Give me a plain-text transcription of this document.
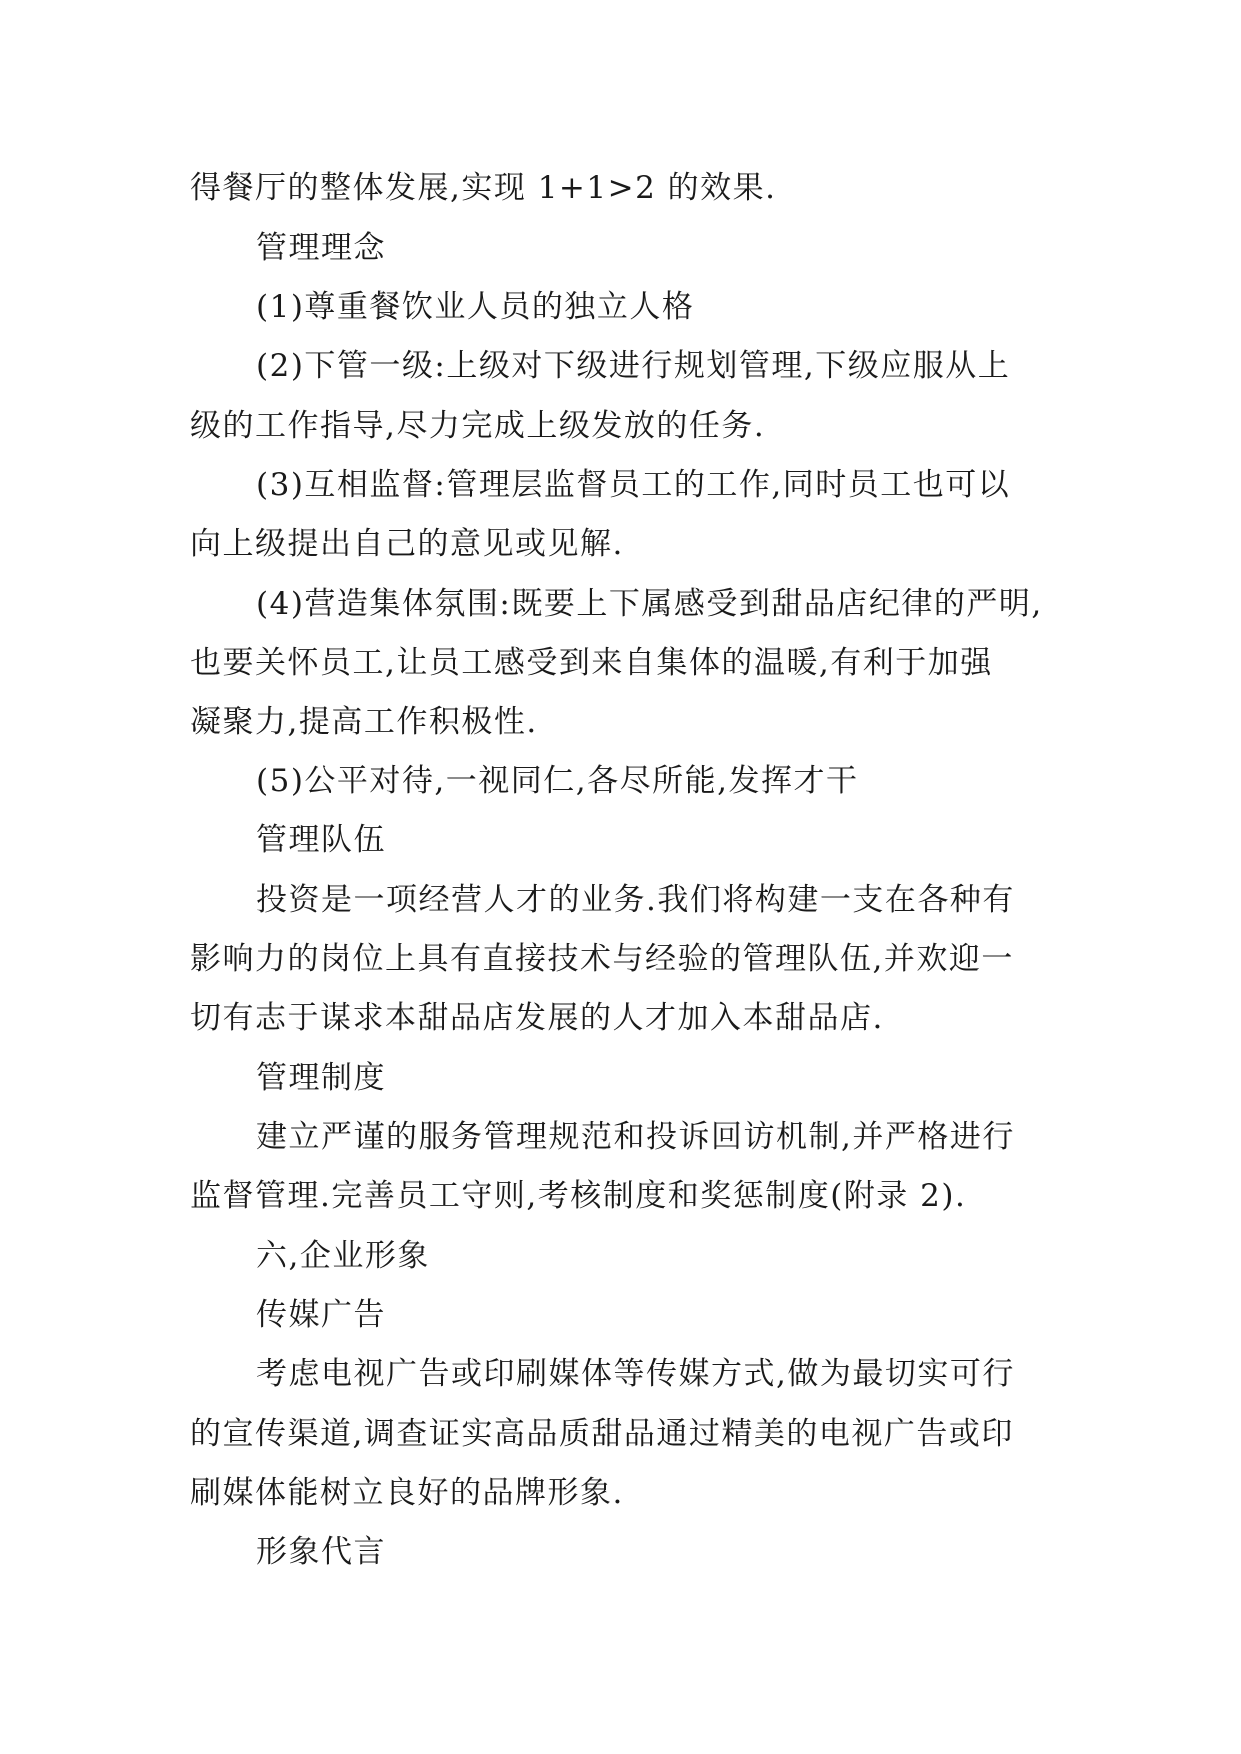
得餐厅的整体发展,实现 1+1>2 的效果.
管理理念
(1)尊重餐饮业人员的独立人格
(2)下管一级:上级对下级进行规划管理,下级应服从上
级的工作指导,尽力完成上级发放的任务.
(3)互相监督:管理层监督员工的工作,同时员工也可以
向上级提出自己的意见或见解.
(4)营造集体氛围:既要上下属感受到甜品店纪律的严明,
也要关怀员工,让员工感受到来自集体的温暖,有利于加强
凝聚力,提高工作积极性.
(5)公平对待,一视同仁,各尽所能,发挥才干
管理队伍
投资是一项经营人才的业务.我们将构建一支在各种有
影响力的岗位上具有直接技术与经验的管理队伍,并欢迎一
切有志于谋求本甜品店发展的人才加入本甜品店.
管理制度
建立严谨的服务管理规范和投诉回访机制,并严格进行
监督管理.完善员工守则,考核制度和奖惩制度(附录 2).
六,企业形象
传媒广告
考虑电视广告或印刷媒体等传媒方式,做为最切实可行
的宣传渠道,调查证实高品质甜品通过精美的电视广告或印
刷媒体能树立良好的品牌形象.
形象代言
